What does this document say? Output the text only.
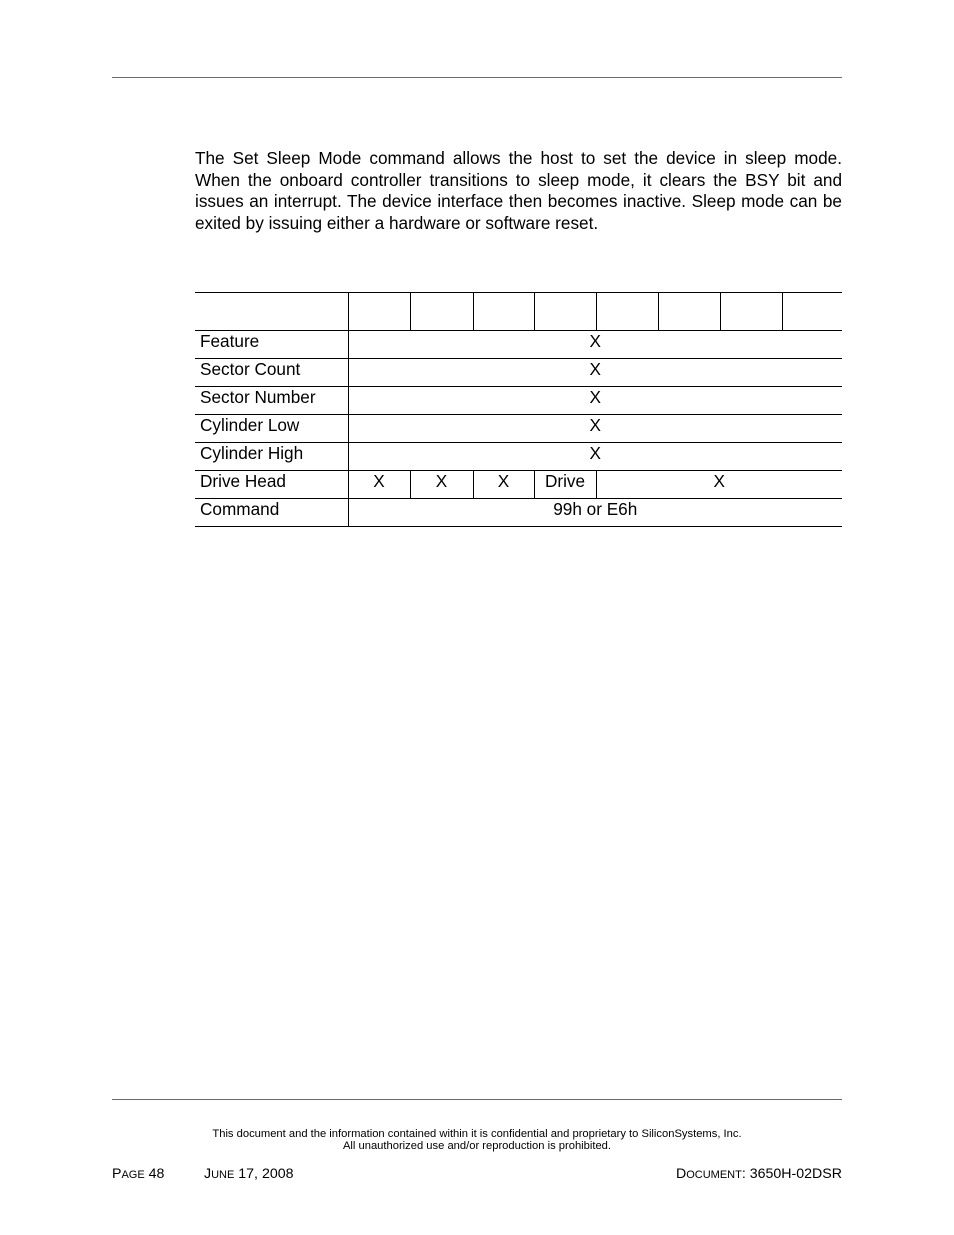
The Set Sleep Mode command allows the host to set the device in sleep mode. When the onboard controller transitions to sleep mode, it clears the BSY bit and issues an interrupt. The device interface then becomes inactive. Sleep mode can be exited by issuing either a hardware or software reset.

Feature	X							
Sector Count	X							
Sector Number	X							
Cylinder Low	X							
Cylinder High	X							
Drive Head	X	X	X	Drive	X			
Command	99h or E6h							
This document and the information contained within it is confidential and proprietary to SiliconSystems, Inc.
All unauthorized use and/or reproduction is prohibited.
PAGE 48	JUNE 17, 2008	DOCUMENT: 3650H-02DSR
